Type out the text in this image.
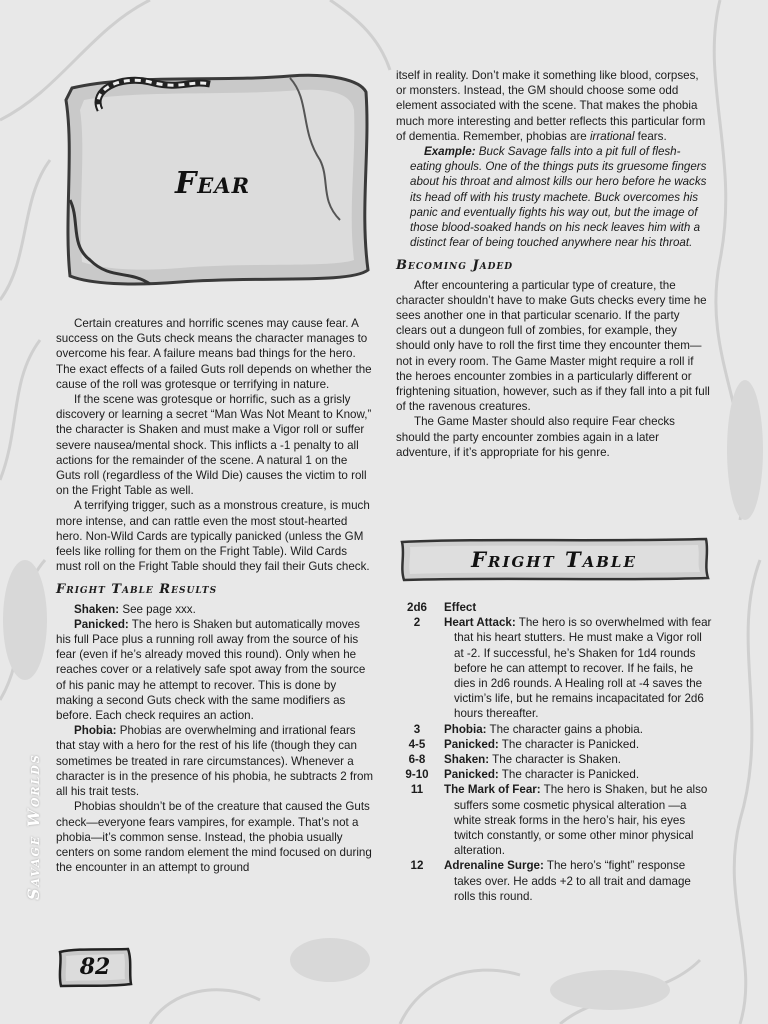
Fear

Certain creatures and horrific scenes may cause fear. A success on the Guts check means the character manages to overcome his fear. A failure means bad things for the hero. The exact effects of a failed Guts roll depends on whether the cause of the roll was grotesque or terrifying in nature.

If the scene was grotesque or horrific, such as a grisly discovery or learning a secret “Man Was Not Meant to Know,” the character is Shaken and must make a Vigor roll or suffer severe nausea/mental shock. This inflicts a -1 penalty to all actions for the remainder of the scene. A natural 1 on the Guts roll (regardless of the Wild Die) causes the victim to roll on the Fright Table as well.

A terrifying trigger, such as a monstrous creature, is much more intense, and can rattle even the most stout-hearted hero. Non-Wild Cards are typically panicked (unless the GM feels like rolling for them on the Fright Table). Wild Cards must roll on the Fright Table should they fail their Guts check.

Fright Table Results

Shaken: See page xxx.

Panicked: The hero is Shaken but automatically moves his full Pace plus a running roll away from the source of his fear (even if he’s already moved this round). Only when he reaches cover or a relatively safe spot away from the source of his panic may he attempt to recover. This is done by making a second Guts check with the same modifiers as before. Each check requires an action.

Phobia: Phobias are overwhelming and irrational fears that stay with a hero for the rest of his life (though they can sometimes be treated in rare circumstances). Whenever a character is in the presence of his phobia, he subtracts 2 from all his trait tests.

Phobias shouldn’t be of the creature that caused the Guts check—everyone fears vampires, for example. That’s not a phobia—it’s common sense. Instead, the phobia usually centers on some random element the mind focused on during the encounter in an attempt to ground

itself in reality. Don’t make it something like blood, corpses, or monsters. Instead, the GM should choose some odd element associated with the scene. That makes the phobia much more interesting and better reflects this particular form of dementia. Remember, phobias are irrational fears.

Example: Buck Savage falls into a pit full of flesh-eating ghouls. One of the things puts its gruesome fingers about his throat and almost kills our hero before he wacks its head off with his trusty machete. Buck overcomes his panic and eventually fights his way out, but the image of those blood-soaked hands on his neck leaves him with a distinct fear of being touched anywhere near his throat.

Becoming Jaded

After encountering a particular type of creature, the character shouldn’t have to make Guts checks every time he sees another one in that particular scenario. If the party clears out a dungeon full of zombies, for example, they should only have to roll the first time they encounter them—not in every room. The Game Master might require a roll if the heroes encounter zombies in a particularly different or frightening situation, however, such as if they fall into a pit full of the ravenous creatures.

The Game Master should also require Fear checks should the party encounter zombies again in a later adventure, if it’s appropriate for his genre.

Fright Table
2d6	Effect
2	Heart Attack: The hero is so overwhelmed with fear that his heart stutters. He must make a Vigor roll at -2. If successful, he’s Shaken for 1d4 rounds before he can attempt to recover. If he fails, he dies in 2d6 rounds. A Healing roll at -4 saves the victim’s life, but he remains incapacitated for 2d6 hours thereafter.

3	Phobia: The character gains a phobia.

4-5	Panicked: The character is Panicked.

6-8	Shaken: The character is Shaken.

9-10	Panicked: The character is Panicked.

11	The Mark of Fear: The hero is Shaken, but he also suffers some cosmetic physical alteration —a white streak forms in the hero’s hair, his eyes twitch constantly, or some other minor physical alteration.

12	Adrenaline Surge: The hero’s “fight” response takes over. He adds +2 to all trait and damage rolls this round.
Savage Worlds
82
